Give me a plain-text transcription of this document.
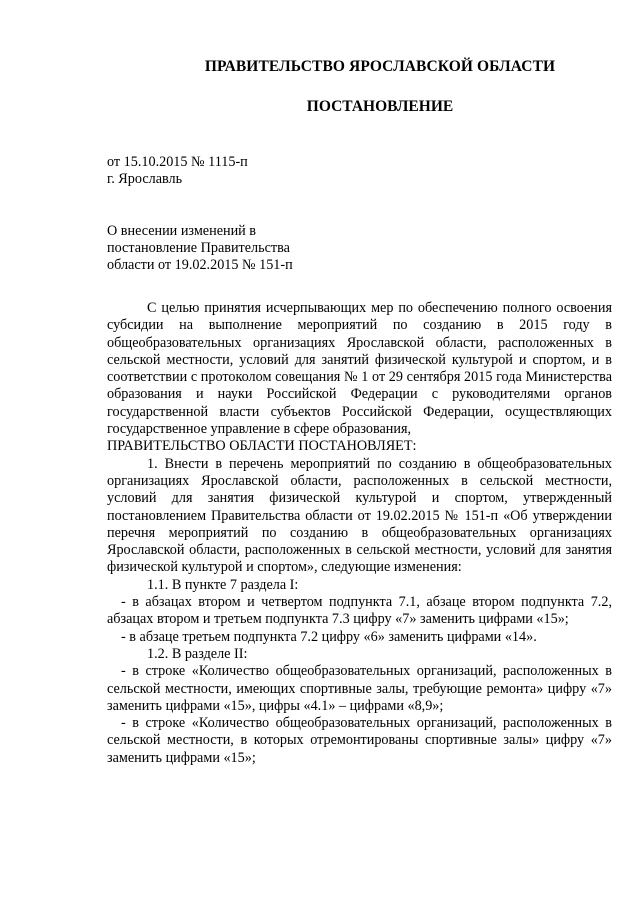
ПРАВИТЕЛЬСТВО ЯРОСЛАВСКОЙ ОБЛАСТИ
ПОСТАНОВЛЕНИЕ
от 15.10.2015 № 1115-п
г. Ярославль
О внесении изменений в
постановление Правительства
области от 19.02.2015 № 151-п

С целью принятия исчерпывающих мер по обеспечению полного освоения субсидии на выполнение мероприятий по созданию в 2015 году в общеобразовательных организациях Ярославской области, расположенных в сельской местности, условий для занятий физической культурой и спортом, и в соответствии с протоколом совещания № 1 от 29 сентября 2015 года Министерства образования и науки Российской Федерации с руководителями органов государственной власти субъектов Российской Федерации, осуществляющих государственное управление в сфере образования,

ПРАВИТЕЛЬСТВО ОБЛАСТИ ПОСТАНОВЛЯЕТ:

1. Внести в перечень мероприятий по созданию в общеобразовательных организациях Ярославской области, расположенных в сельской местности, условий для занятия физической культурой и спортом, утвержденный постановлением Правительства области от 19.02.2015 № 151-п «Об утверждении перечня мероприятий по созданию в общеобразовательных организациях Ярославской области, расположенных в сельской местности, условий для занятия физической культурой и спортом», следующие изменения:

1.1. В пункте 7 раздела I:

- в абзацах втором и четвертом подпункта 7.1, абзаце втором подпункта 7.2, абзацах втором и третьем подпункта 7.3 цифру «7» заменить цифрами «15»;

- в абзаце третьем подпункта 7.2 цифру «6» заменить цифрами «14».

1.2. В разделе II:

- в строке «Количество общеобразовательных организаций, расположенных в сельской местности, имеющих спортивные залы, требующие ремонта» цифру «7» заменить цифрами «15», цифры «4.1» – цифрами «8,9»;

- в строке «Количество общеобразовательных организаций, расположенных в сельской местности, в которых отремонтированы спортивные залы» цифру «7» заменить цифрами «15»;
